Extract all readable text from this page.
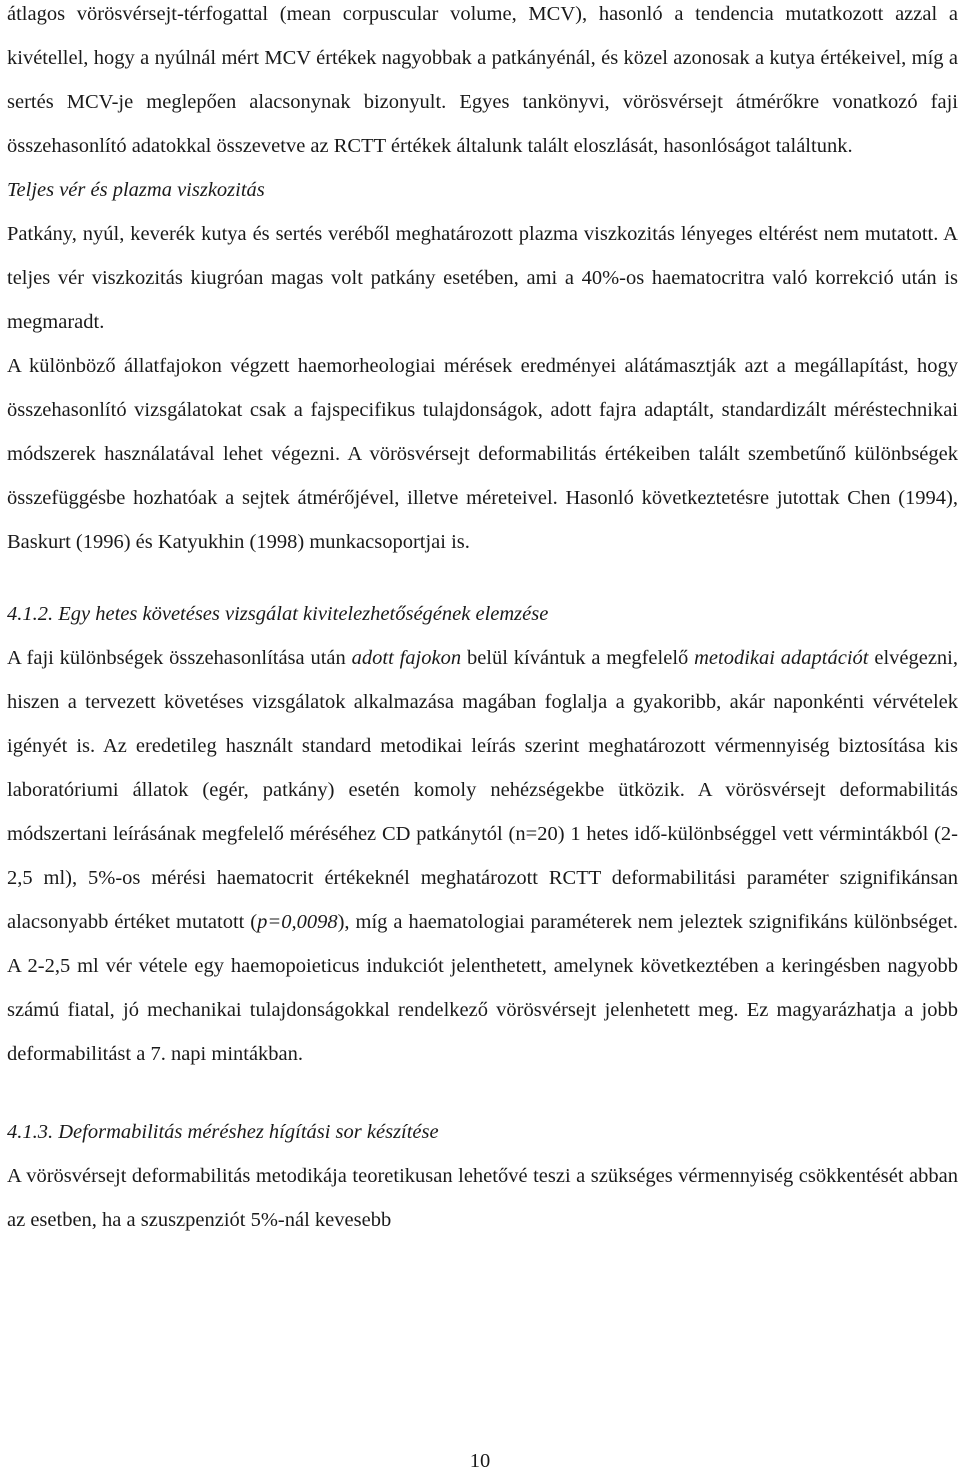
átlagos vörösvérsejt-térfogattal (mean corpuscular volume, MCV), hasonló a tendencia mutatkozott azzal a kivétellel, hogy a nyúlnál mért MCV értékek nagyobbak a patkányénál, és közel azonosak a kutya értékeivel, míg a sertés MCV-je meglepően alacsonynak bizonyult. Egyes tankönyvi, vörösvérsejt átmérőkre vonatkozó faji összehasonlító adatokkal összevetve az RCTT értékek általunk talált eloszlását, hasonlóságot találtunk.

Teljes vér és plazma viszkozitás

Patkány, nyúl, keverék kutya és sertés veréből meghatározott plazma viszkozitás lényeges eltérést nem mutatott. A teljes vér viszkozitás kiugróan magas volt patkány esetében, ami a 40%-os haematocritra való korrekció után is megmaradt.

A különböző állatfajokon végzett haemorheologiai mérések eredményei alátámasztják azt a megállapítást, hogy összehasonlító vizsgálatokat csak a fajspecifikus tulajdonságok, adott fajra adaptált, standardizált méréstechnikai módszerek használatával lehet végezni. A vörösvérsejt deformabilitás értékeiben talált szembetűnő különbségek összefüggésbe hozhatóak a sejtek átmérőjével, illetve méreteivel. Hasonló következtetésre jutottak Chen (1994), Baskurt (1996) és Katyukhin (1998) munkacsoportjai is.

4.1.2. Egy hetes követéses vizsgálat kivitelezhetőségének elemzése

A faji különbségek összehasonlítása után adott fajokon belül kívántuk a megfelelő metodikai adaptációt elvégezni, hiszen a tervezett követéses vizsgálatok alkalmazása magában foglalja a gyakoribb, akár naponkénti vérvételek igényét is. Az eredetileg használt standard metodikai leírás szerint meghatározott vérmennyiség biztosítása kis laboratóriumi állatok (egér, patkány) esetén komoly nehézségekbe ütközik. A vörösvérsejt deformabilitás módszertani leírásának megfelelő méréséhez CD patkánytól (n=20) 1 hetes idő-különbséggel vett vérmintákból (2-2,5 ml), 5%-os mérési haematocrit értékeknél meghatározott RCTT deformabilitási paraméter szignifikánsan alacsonyabb értéket mutatott (p=0,0098), míg a haematologiai paraméterek nem jeleztek szignifikáns különbséget. A 2-2,5 ml vér vétele egy haemopoieticus indukciót jelenthetett, amelynek következtében a keringésben nagyobb számú fiatal, jó mechanikai tulajdonságokkal rendelkező vörösvérsejt jelenhetett meg. Ez magyarázhatja a jobb deformabilitást a 7. napi mintákban.

4.1.3. Deformabilitás méréshez hígítási sor készítése

A vörösvérsejt deformabilitás metodikája teoretikusan lehetővé teszi a szükséges vérmennyiség csökkentését abban az esetben, ha a szuszpenziót 5%-nál kevesebb

10
